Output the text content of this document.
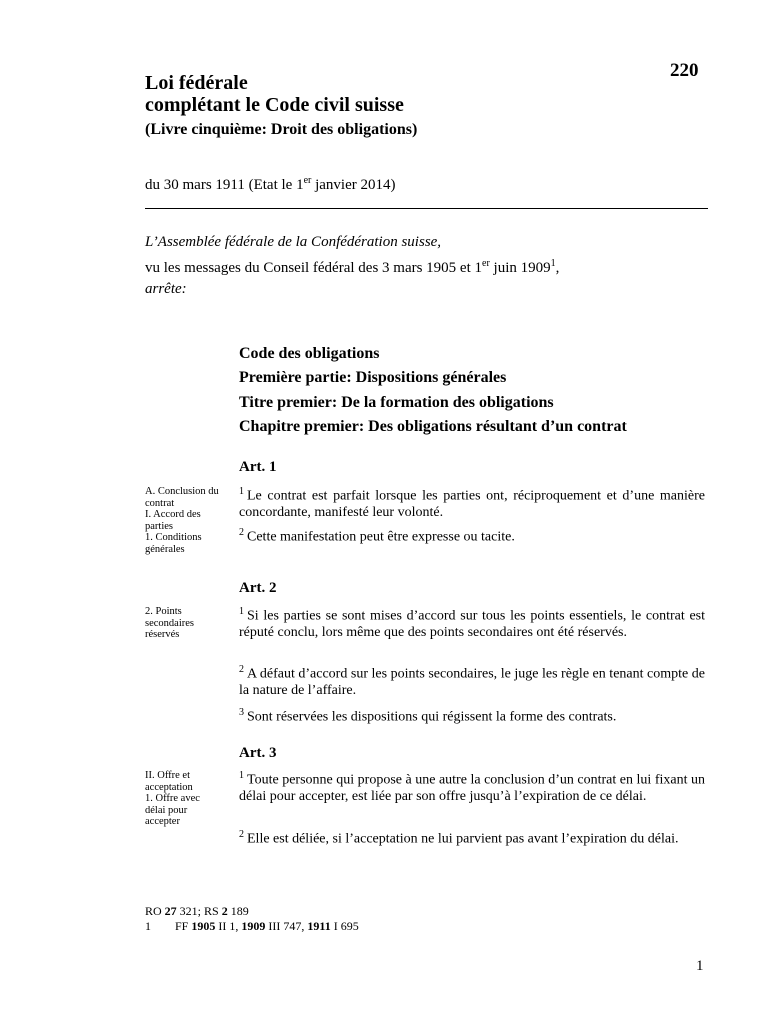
220
Loi fédérale
complétant le Code civil suisse
(Livre cinquième: Droit des obligations)
du 30 mars 1911 (Etat le 1er janvier 2014)
L’Assemblée fédérale de la Confédération suisse,
vu les messages du Conseil fédéral des 3 mars 1905 et 1er juin 1909$^1$,
arrête:
Code des obligations
Première partie: Dispositions générales
Titre premier: De la formation des obligations
Chapitre premier: Des obligations résultant d’un contrat
Art. 1
A. Conclusion du contrat
I. Accord des parties
1. Conditions générales
$^1$ Le contrat est parfait lorsque les parties ont, réciproquement et d’une manière concordante, manifesté leur volonté.
$^2$ Cette manifestation peut être expresse ou tacite.
Art. 2
2. Points secondaires réservés
$^1$ Si les parties se sont mises d’accord sur tous les points essentiels, le contrat est réputé conclu, lors même que des points secondaires ont été réservés.
$^2$ A défaut d’accord sur les points secondaires, le juge les règle en tenant compte de la nature de l’affaire.
$^3$ Sont réservées les dispositions qui régissent la forme des contrats.
Art. 3
II. Offre et acceptation
1. Offre avec délai pour accepter
$^1$ Toute personne qui propose à une autre la conclusion d’un contrat en lui fixant un délai pour accepter, est liée par son offre jusqu’à l’expiration de ce délai.
$^2$ Elle est déliée, si l’acceptation ne lui parvient pas avant l’expiration du délai.
RO 27 321; RS 2 189
1 FF 1905 II 1, 1909 III 747, 1911 I 695
1
